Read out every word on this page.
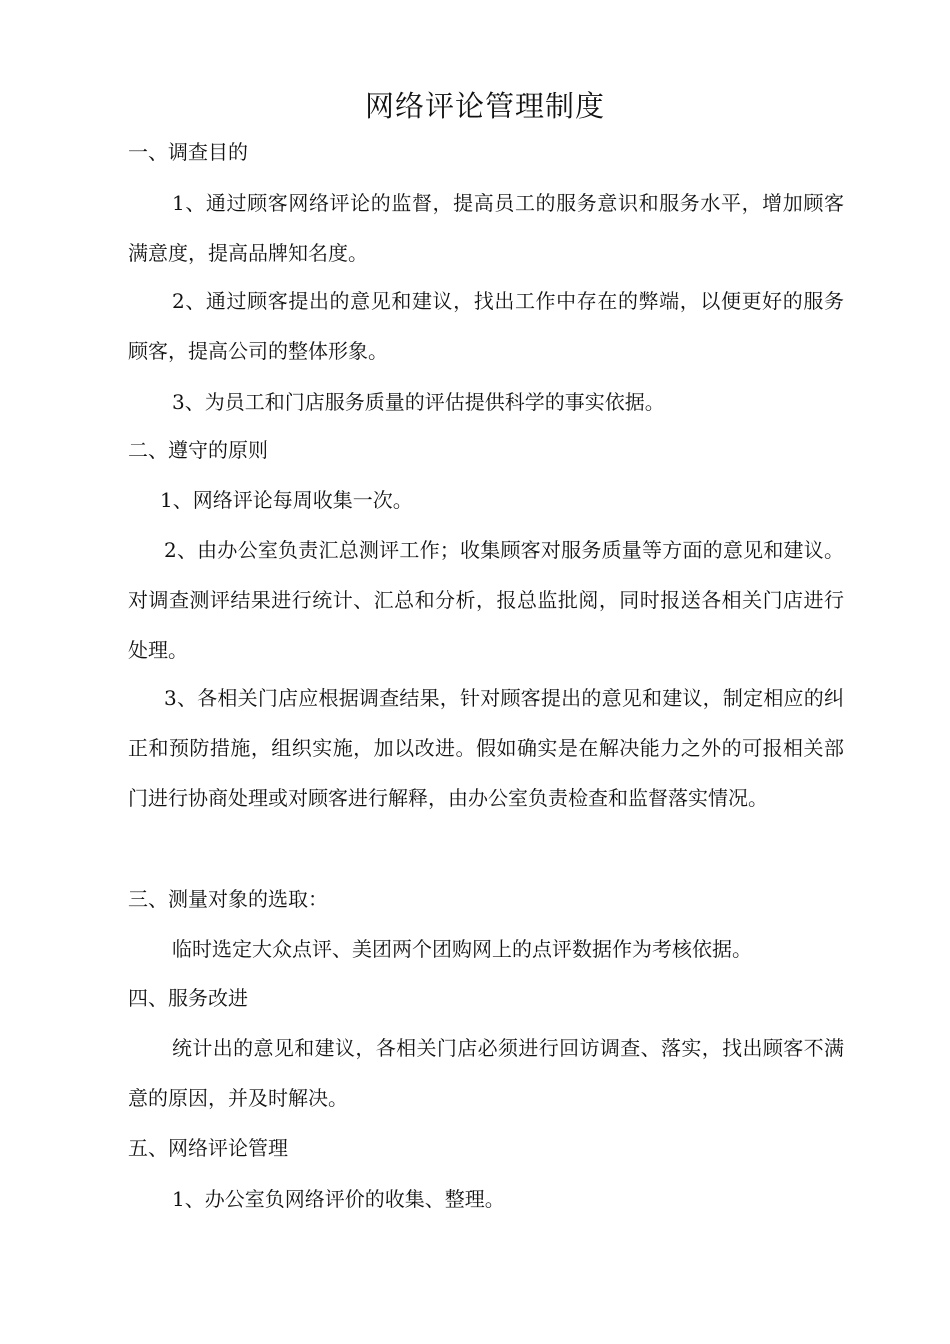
网络评论管理制度
一、调查目的
1、通过顾客网络评论的监督，提高员工的服务意识和服务水平，增加顾客满意度，提高品牌知名度。
2、通过顾客提出的意见和建议，找出工作中存在的弊端，以便更好的服务顾客，提高公司的整体形象。
3、为员工和门店服务质量的评估提供科学的事实依据。
二、遵守的原则
1、网络评论每周收集一次。
2、由办公室负责汇总测评工作；收集顾客对服务质量等方面的意见和建议。对调查测评结果进行统计、汇总和分析，报总监批阅，同时报送各相关门店进行处理。
3、各相关门店应根据调查结果，针对顾客提出的意见和建议，制定相应的纠正和预防措施，组织实施，加以改进。假如确实是在解决能力之外的可报相关部门进行协商处理或对顾客进行解释，由办公室负责检查和监督落实情况。
三、测量对象的选取：
临时选定大众点评、美团两个团购网上的点评数据作为考核依据。
四、服务改进
统计出的意见和建议，各相关门店必须进行回访调查、落实，找出顾客不满意的原因，并及时解决。
五、网络评论管理
1、办公室负网络评价的收集、整理。
